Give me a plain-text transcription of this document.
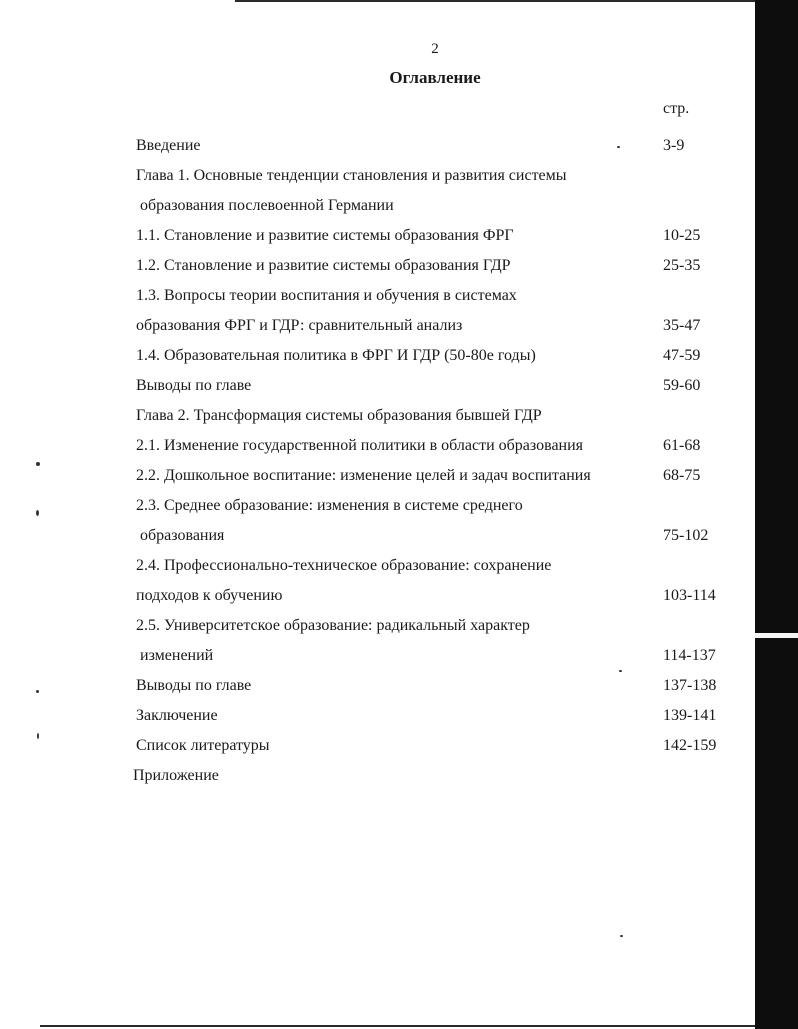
2
Оглавление
стр.
Введение	3-9
Глава 1. Основные тенденции становления и развития системы
образования послевоенной Германии
1.1. Становление и развитие системы образования ФРГ	10-25
1.2. Становление и развитие системы образования ГДР	25-35
1.3. Вопросы теории воспитания и обучения в системах
образования ФРГ и ГДР: сравнительный анализ	35-47
1.4. Образовательная политика в ФРГ И ГДР (50-80е годы)	47-59
Выводы по главе	59-60
Глава 2. Трансформация системы образования бывшей ГДР
2.1. Изменение государственной политики в области образования	61-68
2.2. Дошкольное воспитание: изменение целей и задач воспитания	68-75
2.3. Среднее образование: изменения в системе среднего
образования	75-102
2.4. Профессионально-техническое образование: сохранение
подходов к обучению	103-114
2.5. Университетское образование: радикальный характер
изменений	114-137
Выводы по главе	137-138
Заключение	139-141
Список литературы	142-159
Приложение
